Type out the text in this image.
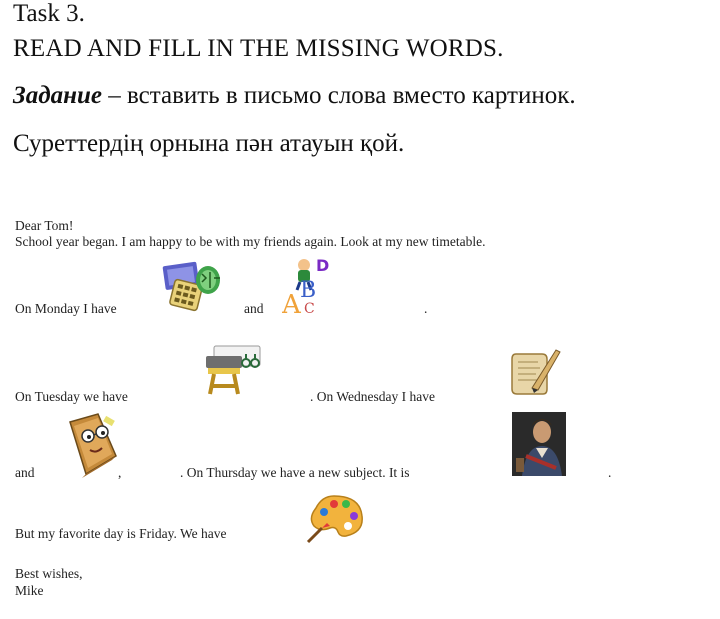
Task 3.
READ AND FILL IN THE MISSING WORDS.
Задание – вставить в письмо слова вместо картинок.
Суреттердің орнына пән атауын қой.
Dear Tom!
School year began. I am happy to be with my friends again. Look at my new timetable.
On Monday I have	and	.
On Tuesday we have	. On Wednesday I have
and	,	. On Thursday we have a new subject. It is	.
But my favorite day is Friday. We have
Best wishes,
Mike
D
B
A C
